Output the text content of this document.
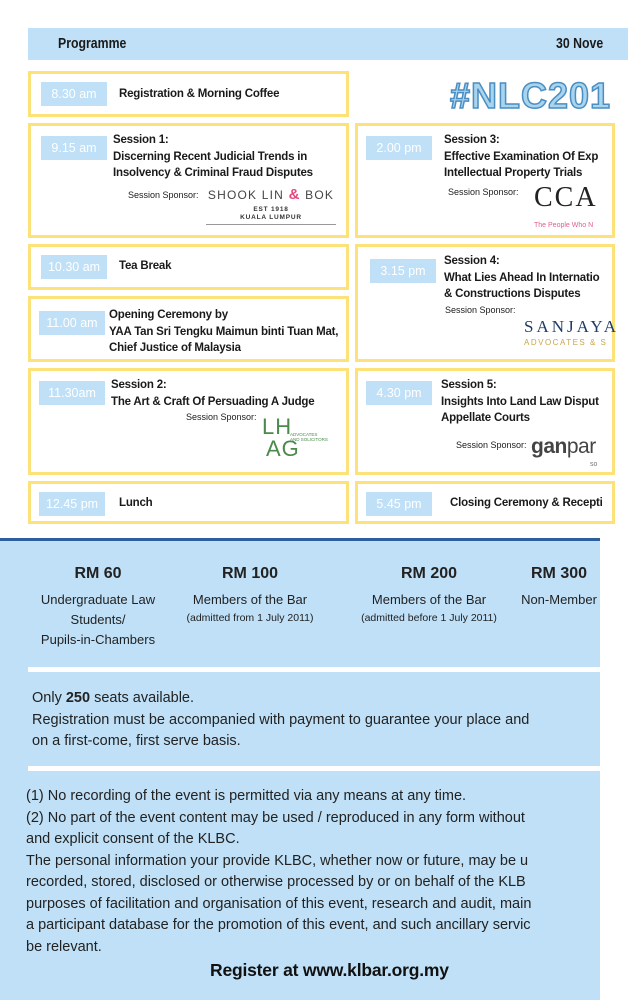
Programme	30 Nove
#NLC201
8.30 am	Registration & Morning Coffee
9.15 am
Session 1:
Discerning Recent Judicial Trends in
Insolvency & Criminal Fraud Disputes
Session Sponsor: SHOOK LIN & BOK
EST 1918
KUALA LUMPUR
10.30 am	Tea Break
11.00 am
Opening Ceremony by
YAA Tan Sri Tengku Maimun binti Tuan Mat,
Chief Justice of Malaysia
11.30am
Session 2:
The Art & Craft Of Persuading A Judge
Session Sponsor: LH
AG
ADVOCATES
AND SOLICITORS
12.45 pm	Lunch
2.00 pm
Session 3:
Effective Examination Of Exp
Intellectual Property Trials
Session Sponsor: CCA
The People Who N
3.15 pm
Session 4:
What Lies Ahead In Internatio
& Constructions Disputes
Session Sponsor:
SANJAYA
ADVOCATES & S
4.30 pm
Session 5:
Insights Into Land Law Disput
Appellate Courts
Session Sponsor: ganpar
so
5.45 pm	Closing Ceremony & Recepti
RM 60
Undergraduate Law
Students/
Pupils-in-Chambers
RM 100
Members of the Bar
(admitted from 1 July 2011)
RM 200
Members of the Bar
(admitted before 1 July 2011)
RM 300
Non-Member
Only 250 seats available.
Registration must be accompanied with payment to guarantee your place and
on a first-come, first serve basis.
(1) No recording of the event is permitted via any means at any time.
(2) No part of the event content may be used / reproduced in any form without
and explicit consent of the KLBC.
The personal information your provide KLBC, whether now or future, may be u
recorded, stored, disclosed or otherwise processed by or on behalf of the KLB
purposes of facilitation and organisation of this event, research and audit, main
a participant database for the promotion of this event, and such ancillary servic
be relevant.
Register at www.klbar.org.my
